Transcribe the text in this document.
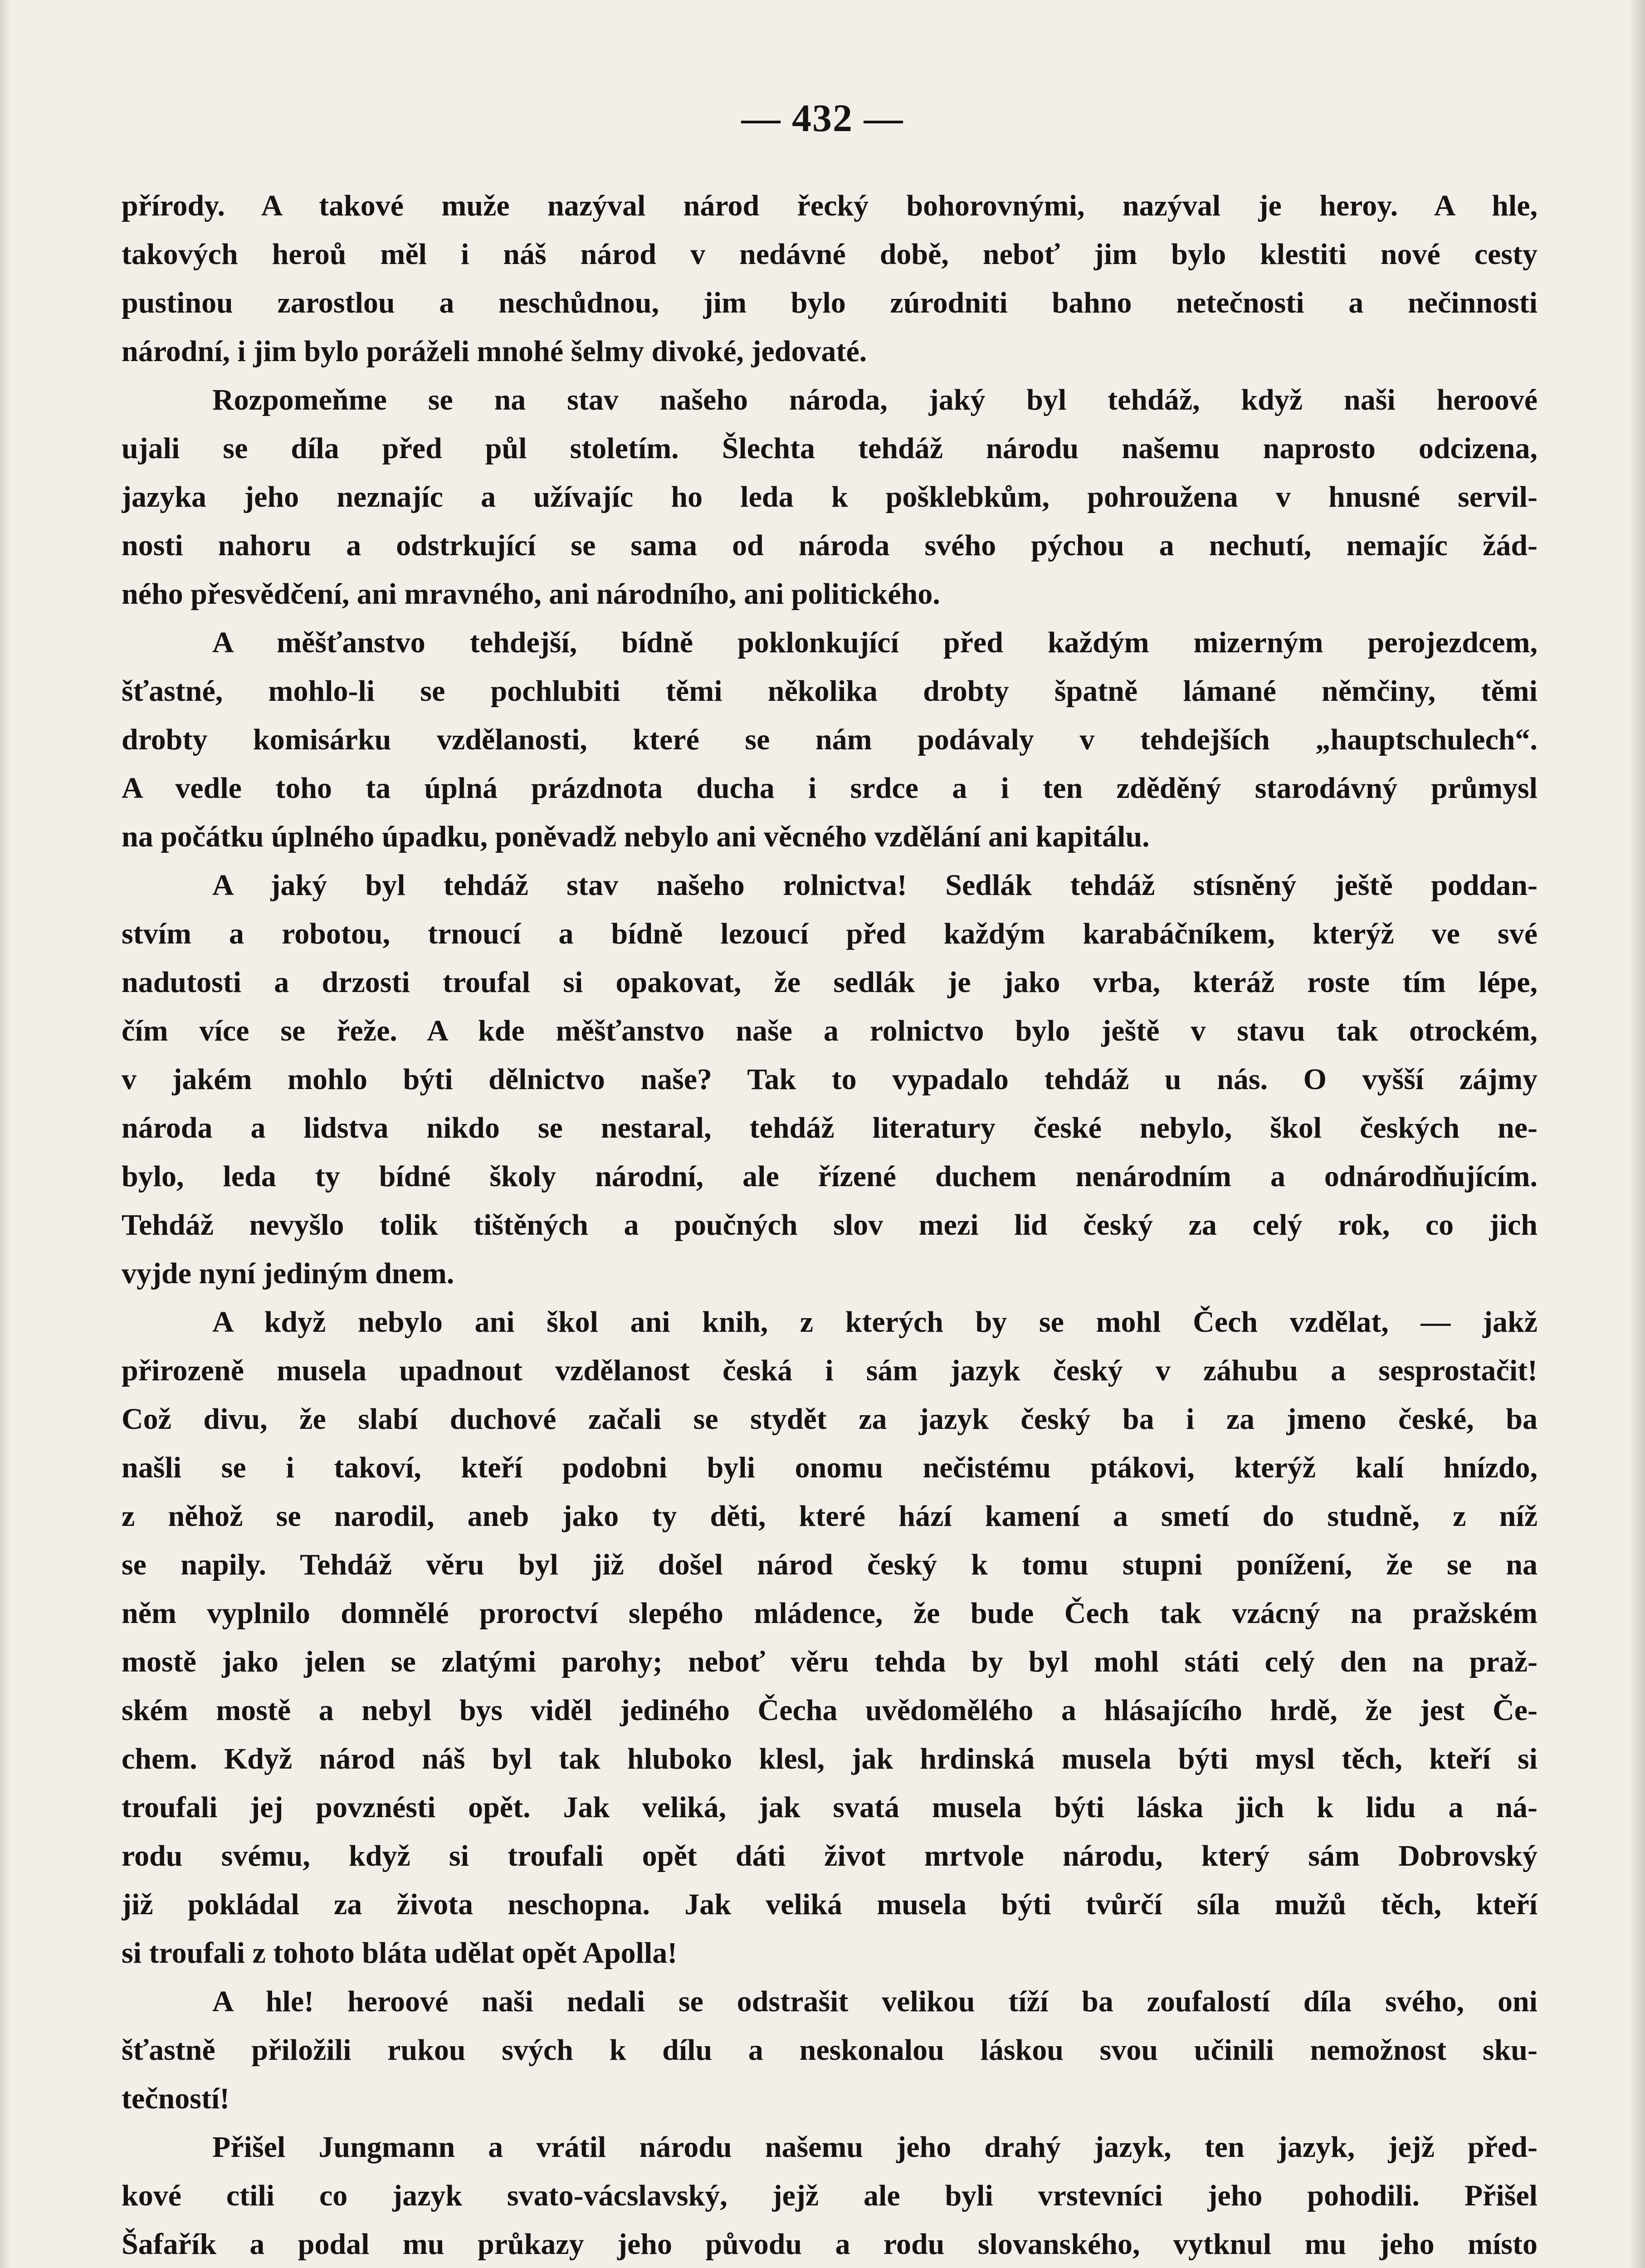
— 432 —
přírody. A takové muže nazýval národ řecký bohorovnými, nazýval je heroy. A hle,
takových heroů měl i náš národ v nedávné době, neboť jim bylo klestiti nové cesty
pustinou zarostlou a neschůdnou, jim bylo zúrodniti bahno netečnosti a nečinnosti
národní, i jim bylo poráželi mnohé šelmy divoké, jedovaté.
Rozpomeňme se na stav našeho národa, jaký byl tehdáž, když naši heroové
ujali se díla před půl stoletím. Šlechta tehdáž národu našemu naprosto odcizena,
jazyka jeho neznajíc a užívajíc ho leda k pošklebkům, pohroužena v hnusné servil-
nosti nahoru a odstrkující se sama od národa svého pýchou a nechutí, nemajíc žád-
ného přesvědčení, ani mravného, ani národního, ani politického.
A měšťanstvo tehdejší, bídně poklonkující před každým mizerným perojezdcem,
šťastné, mohlo-li se pochlubiti těmi několika drobty špatně lámané němčiny, těmi
drobty komisárku vzdělanosti, které se nám podávaly v tehdejších „hauptschulech“.
A vedle toho ta úplná prázdnota ducha i srdce a i ten zděděný starodávný průmysl
na počátku úplného úpadku, poněvadž nebylo ani věcného vzdělání ani kapitálu.
A jaký byl tehdáž stav našeho rolnictva! Sedlák tehdáž stísněný ještě poddan-
stvím a robotou, trnoucí a bídně lezoucí před každým karabáčníkem, kterýž ve své
nadutosti a drzosti troufal si opakovat, že sedlák je jako vrba, kteráž roste tím lépe,
čím více se řeže. A kde měšťanstvo naše a rolnictvo bylo ještě v stavu tak otrockém,
v jakém mohlo býti dělnictvo naše? Tak to vypadalo tehdáž u nás. O vyšší zájmy
národa a lidstva nikdo se nestaral, tehdáž literatury české nebylo, škol českých ne-
bylo, leda ty bídné školy národní, ale řízené duchem nenárodním a odnárodňujícím.
Tehdáž nevyšlo tolik tištěných a poučných slov mezi lid český za celý rok, co jich
vyjde nyní jediným dnem.
A když nebylo ani škol ani knih, z kterých by se mohl Čech vzdělat, — jakž
přirozeně musela upadnout vzdělanost česká i sám jazyk český v záhubu a sesprostačit!
Což divu, že slabí duchové začali se stydět za jazyk český ba i za jmeno české, ba
našli se i takoví, kteří podobni byli onomu nečistému ptákovi, kterýž kalí hnízdo,
z něhož se narodil, aneb jako ty děti, které hází kamení a smetí do studně, z níž
se napily. Tehdáž věru byl již došel národ český k tomu stupni ponížení, že se na
něm vyplnilo domnělé proroctví slepého mládence, že bude Čech tak vzácný na pražském
mostě jako jelen se zlatými parohy; neboť věru tehda by byl mohl státi celý den na praž-
ském mostě a nebyl bys viděl jediného Čecha uvědomělého a hlásajícího hrdě, že jest Če-
chem. Když národ náš byl tak hluboko klesl, jak hrdinská musela býti mysl těch, kteří si
troufali jej povznésti opět. Jak veliká, jak svatá musela býti láska jich k lidu a ná-
rodu svému, když si troufali opět dáti život mrtvole národu, který sám Dobrovský
již pokládal za života neschopna. Jak veliká musela býti tvůrčí síla mužů těch, kteří
si troufali z tohoto bláta udělat opět Apolla!
A hle! heroové naši nedali se odstrašit velikou tíží ba zoufalostí díla svého, oni
šťastně přiložili rukou svých k dílu a neskonalou láskou svou učinili nemožnost sku-
tečností!
Přišel Jungmann a vrátil národu našemu jeho drahý jazyk, ten jazyk, jejž před-
kové ctili co jazyk svato-vácslavský, jejž ale byli vrstevníci jeho pohodili. Přišel
Šafařík a podal mu průkazy jeho původu a rodu slovanského, vytknul mu jeho místo
